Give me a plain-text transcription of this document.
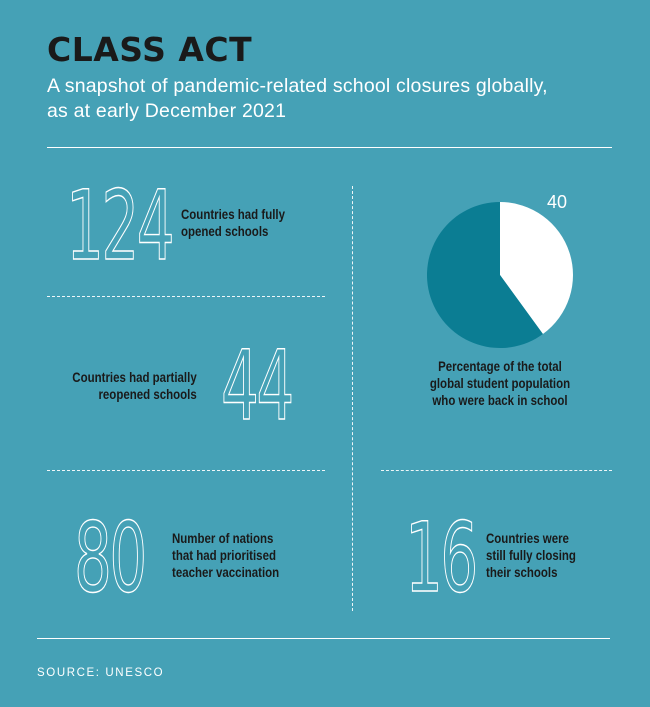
CLASS ACT
A snapshot of pandemic-related school closures globally, as at early December 2021
124 Countries had fully
opened schools
Countries had partially
reopened schools 44
80 Number of nations
that had prioritised
teacher vaccination 16 Countries were
still fully closing
their schools
40
Percentage of the total
global student population
who were back in school
SOURCE: UNESCO
